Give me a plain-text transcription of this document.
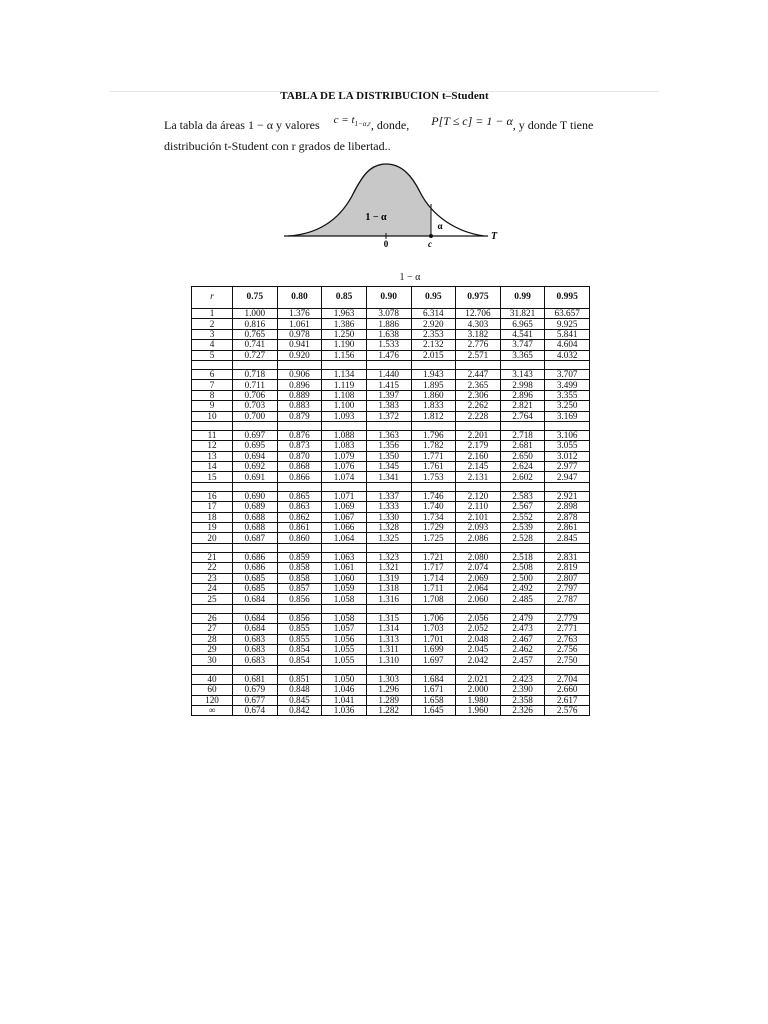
TABLA DE LA DISTRIBUCION t–Student
La tabla da áreas 1 − α y valores $c = t_{1-\alpha,r}$, donde, P[T ≤ c] = 1 − α, y donde T tiene
distribución t-Student con r grados de libertad..
1 − α
α
0	c
T
1 − α
r	0.75	0.80	0.85	0.90	0.95	0.975	0.99	0.995
1	1.000	1.376	1.963	3.078	6.314	12.706	31.821	63.657
2	0.816	1.061	1.386	1.886	2.920	4.303	6.965	9.925
3	0.765	0.978	1.250	1.638	2.353	3.182	4.541	5.841
4	0.741	0.941	1.190	1.533	2.132	2.776	3.747	4.604
5	0.727	0.920	1.156	1.476	2.015	2.571	3.365	4.032

6	0.718	0.906	1.134	1.440	1.943	2.447	3.143	3.707
7	0.711	0.896	1.119	1.415	1.895	2.365	2.998	3.499
8	0.706	0.889	1.108	1.397	1.860	2.306	2.896	3.355
9	0.703	0.883	1.100	1.383	1.833	2.262	2.821	3.250
10	0.700	0.879	1.093	1.372	1.812	2.228	2.764	3.169

11	0.697	0.876	1.088	1.363	1.796	2.201	2.718	3.106
12	0.695	0.873	1.083	1.356	1.782	2.179	2.681	3.055
13	0.694	0.870	1.079	1.350	1.771	2.160	2.650	3.012
14	0.692	0.868	1.076	1.345	1.761	2.145	2.624	2.977
15	0.691	0.866	1.074	1.341	1.753	2.131	2.602	2.947

16	0.690	0.865	1.071	1.337	1.746	2.120	2.583	2.921
17	0.689	0.863	1.069	1.333	1.740	2.110	2.567	2.898
18	0.688	0.862	1.067	1.330	1.734	2.101	2.552	2.878
19	0.688	0.861	1.066	1.328	1.729	2.093	2.539	2.861
20	0.687	0.860	1.064	1.325	1.725	2.086	2.528	2.845

21	0.686	0.859	1.063	1.323	1.721	2.080	2.518	2.831
22	0.686	0.858	1.061	1.321	1.717	2.074	2.508	2.819
23	0.685	0.858	1.060	1.319	1.714	2.069	2.500	2.807
24	0.685	0.857	1.059	1.318	1.711	2.064	2.492	2.797
25	0.684	0.856	1.058	1.316	1.708	2.060	2.485	2.787

26	0.684	0.856	1.058	1.315	1.706	2.056	2.479	2.779
27	0.684	0.855	1.057	1.314	1.703	2.052	2.473	2.771
28	0.683	0.855	1.056	1.313	1.701	2.048	2.467	2.763
29	0.683	0.854	1.055	1.311	1.699	2.045	2.462	2.756
30	0.683	0.854	1.055	1.310	1.697	2.042	2.457	2.750

40	0.681	0.851	1.050	1.303	1.684	2.021	2.423	2.704
60	0.679	0.848	1.046	1.296	1.671	2.000	2.390	2.660
120	0.677	0.845	1.041	1.289	1.658	1.980	2.358	2.617
∞	0.674	0.842	1.036	1.282	1.645	1.960	2.326	2.576
